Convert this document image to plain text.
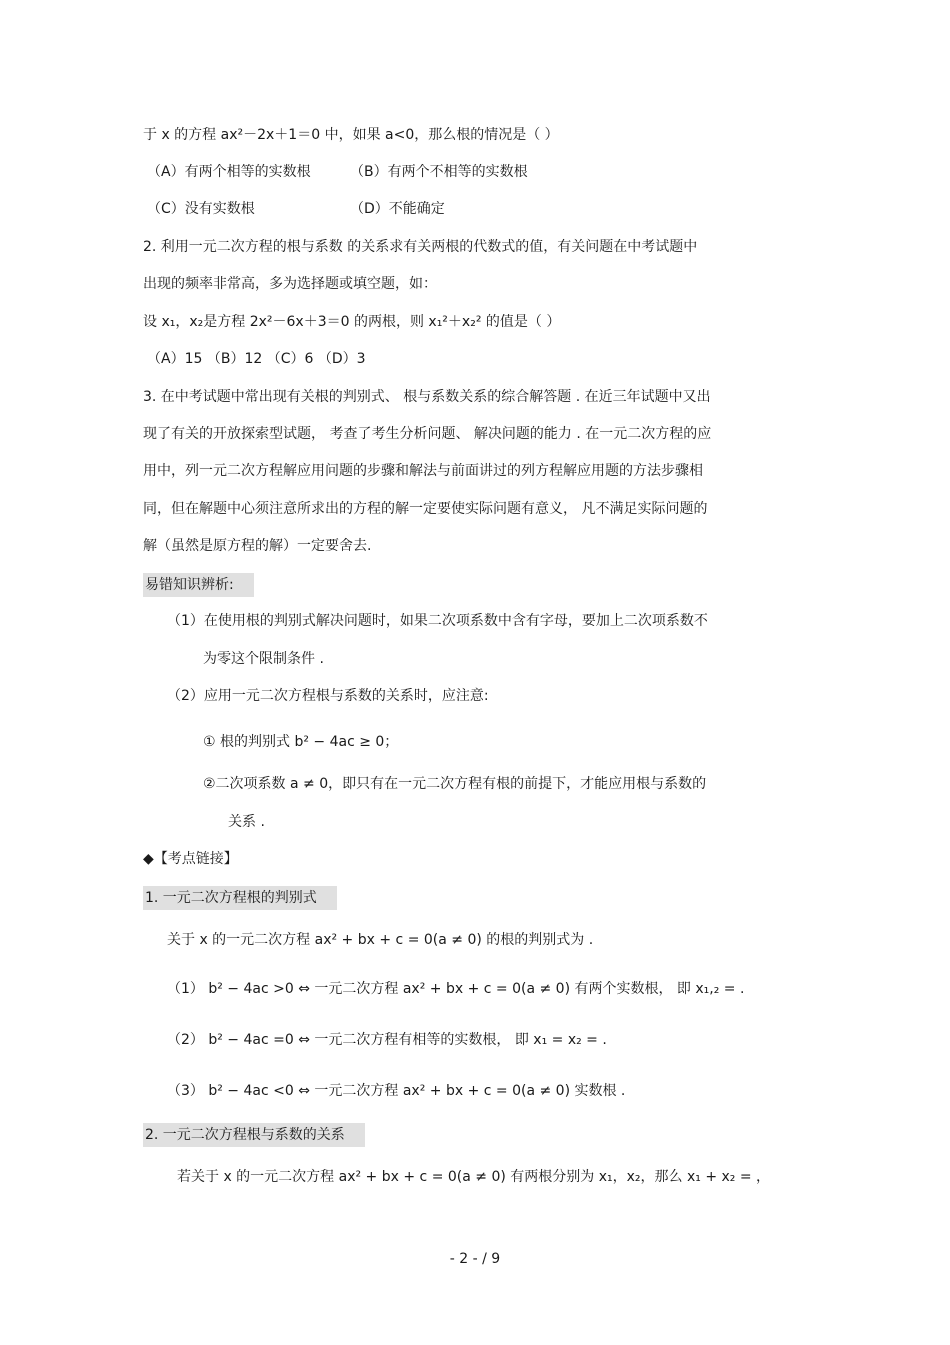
于 x 的方程 ax²－2x＋1＝0 中，如果 a<0，那么根的情况是（ ）
（A）有两个相等的实数根	（B）有两个不相等的实数根
（C）没有实数根	（D）不能确定
2. 利用一元二次方程的根与系数 的关系求有关两根的代数式的值，有关问题在中考试题中
出现的频率非常高，多为选择题或填空题，如：
设 x₁，x₂是方程 2x²－6x＋3＝0 的两根，则 x₁²＋x₂² 的值是（ ）
（A）15 （B）12 （C）6 （D）3
3. 在中考试题中常出现有关根的判别式、 根与系数关系的综合解答题 . 在近三年试题中又出
现了有关的开放探索型试题， 考查了考生分析问题、 解决问题的能力 . 在一元二次方程的应
用中，列一元二次方程解应用问题的步骤和解法与前面讲过的列方程解应用题的方法步骤相
同，但在解题中心须注意所求出的方程的解一定要使实际问题有意义， 凡不满足实际问题的
解（虽然是原方程的解）一定要舍去.
易错知识辨析:
（1）在使用根的判别式解决问题时，如果二次项系数中含有字母，要加上二次项系数不
为零这个限制条件 .
（2）应用一元二次方程根与系数的关系时，应注意:
① 根的判别式 b² − 4ac ≥ 0；
②二次项系数 a ≠ 0，即只有在一元二次方程有根的前提下，才能应用根与系数的
关系 .
◆【考点链接】
1. 一元二次方程根的判别式
关于 x 的一元二次方程 ax² + bx + c = 0(a ≠ 0) 的根的判别式为 .
（1） b² − 4ac >0 ⇔ 一元二次方程 ax² + bx + c = 0(a ≠ 0) 有两个实数根， 即 x₁,₂ = .
（2） b² − 4ac =0 ⇔ 一元二次方程有相等的实数根， 即 x₁ = x₂ = .
（3） b² − 4ac <0 ⇔ 一元二次方程 ax² + bx + c = 0(a ≠ 0) 实数根 .
2. 一元二次方程根与系数的关系
若关于 x 的一元二次方程 ax² + bx + c = 0(a ≠ 0) 有两根分别为 x₁，x₂，那么 x₁ + x₂ = ，
- 2 - / 9
